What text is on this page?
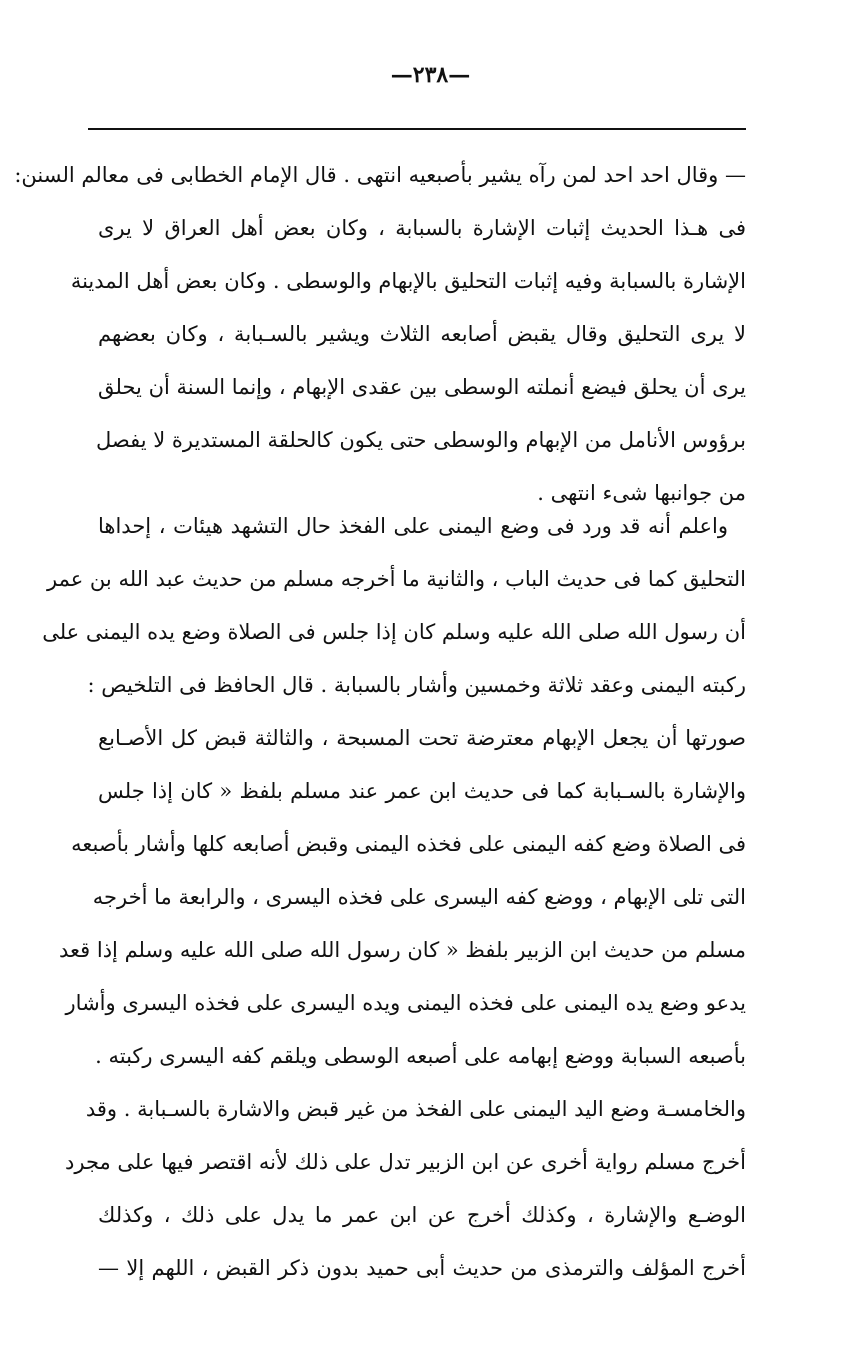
—٢٣٨—
— وقال احد احد لمن رآه يشير بأصبعيه انتهى . قال الإمام الخطابى فى معالم السنن:
فى هـذا الحديث إثبات الإشارة بالسبابة ، وكان بعض أهل العراق لا يرى
الإشارة بالسبابة وفيه إثبات التحليق بالإبهام والوسطى . وكان بعض أهل المدينة
لا يرى التحليق وقال يقبض أصابعه الثلاث ويشير بالسـبابة ، وكان بعضهم
يرى أن يحلق فيضع أنملته الوسطى بين عقدى الإبهام ، وإنما السنة أن يحلق
برؤوس الأنامل من الإبهام والوسطى حتى يكون كالحلقة المستديرة لا يفصل
من جوانبها شىء انتهى .
واعلم أنه قد ورد فى وضع اليمنى على الفخذ حال التشهد هيئات ، إحداها
التحليق كما فى حديث الباب ، والثانية ما أخرجه مسلم من حديث عبد الله بن عمر
أن رسول الله صلى الله عليه وسلم كان إذا جلس فى الصلاة وضع يده اليمنى على
ركبته اليمنى وعقد ثلاثة وخمسين وأشار بالسبابة . قال الحافظ فى التلخيص :
صورتها أن يجعل الإبهام معترضة تحت المسبحة ، والثالثة قبض كل الأصـابع
والإشارة بالسـبابة كما فى حديث ابن عمر عند مسلم بلفظ « كان إذا جلس
فى الصلاة وضع كفه اليمنى على فخذه اليمنى وقبض أصابعه كلها وأشار بأصبعه
التى تلى الإبهام ، ووضع كفه اليسرى على فخذه اليسرى ، والرابعة ما أخرجه
مسلم من حديث ابن الزبير بلفظ « كان رسول الله صلى الله عليه وسلم إذا قعد
يدعو وضع يده اليمنى على فخذه اليمنى ويده اليسرى على فخذه اليسرى وأشار
بأصبعه السبابة ووضع إبهامه على أصبعه الوسطى ويلقم كفه اليسرى ركبته .
والخامسـة وضع اليد اليمنى على الفخذ من غير قبض والاشارة بالسـبابة . وقد
أخرج مسلم رواية أخرى عن ابن الزبير تدل على ذلك لأنه اقتصر فيها على مجرد
الوضـع والإشارة ، وكذلك أخرج عن ابن عمر ما يدل على ذلك ، وكذلك
أخرج المؤلف والترمذى من حديث أبى حميد بدون ذكر القبض ، اللهم إلا —
